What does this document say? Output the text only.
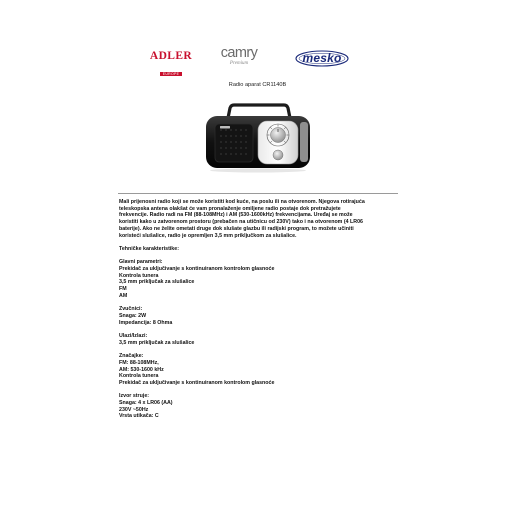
ADLER
EUROPE
camry
Premium	mesko
Radio aparat CR1140B

Mali prijenosni radio koji se može koristiti kod kuće, na poslu ili na otvorenom. Njegova rotirajuća

teleskopska antena olakšat će vam pronalaženje omiljene radio postaje dok pretražujete

frekvencije. Radio radi na FM (88-108MHz) i AM (530-1600kHz) frekvencijama. Uređaj se može

koristiti kako u zatvorenom prostoru (prebačen na utičnicu od 230V) tako i na otvorenom (4 LR06

baterije). Ako ne želite ometati druge dok slušate glazbu ili radijski program, to možete učiniti

koristeći slušalice, radio je opremljen 3,5 mm priključkom za slušalice.

Tehničke karakteristike:

Glavni parametri:

Prekidač za uključivanje s kontinuiranom kontrolom glasnoće

Kontrola tunera

3,5 mm priključak za slušalice

FM

AM

Zvučnici:

Snaga: 2W

Impedancija: 8 Ohma

Ulazi/Izlazi:

3,5 mm priključak za slušalice

Značajke:

FM: 88-108MHz,

AM: 530-1600 kHz

Kontrola tunera

Prekidač za uključivanje s kontinuiranom kontrolom glasnoće

Izvor struje:

Snaga: 4 x LR06 (AA)

230V ~50Hz

Vrsta utikača: C
